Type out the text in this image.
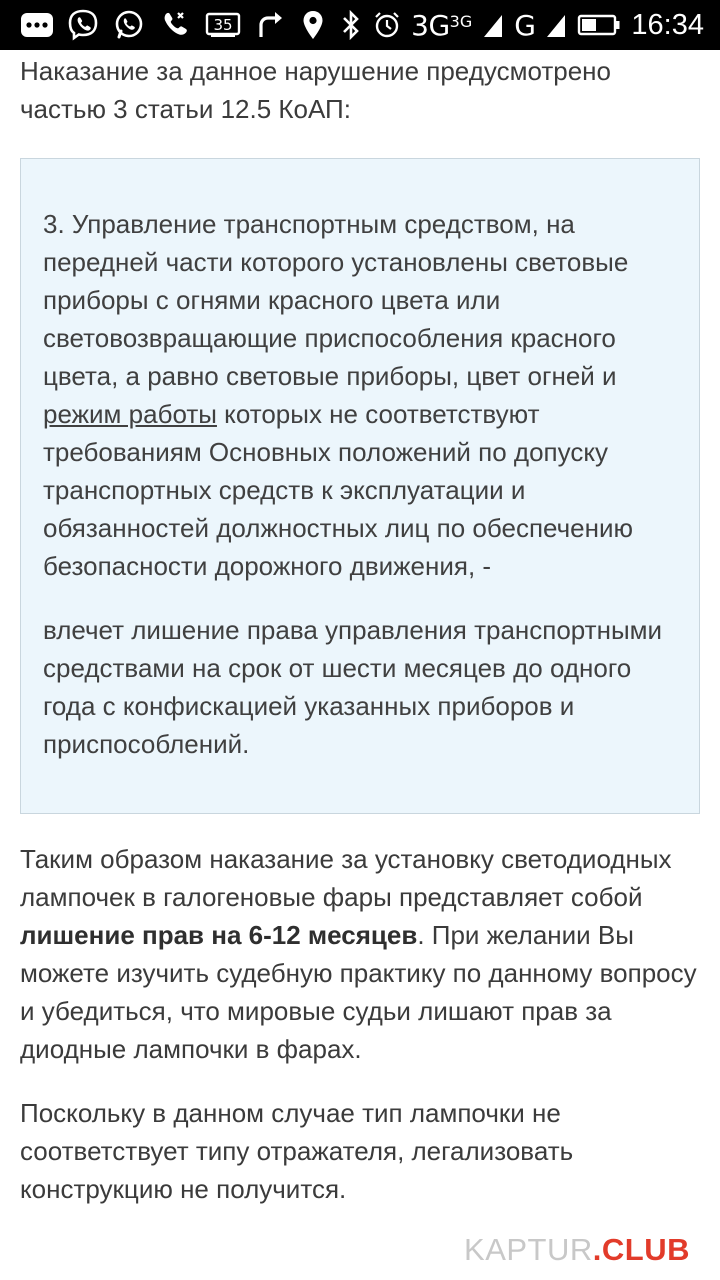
35	3G3G G	16:34

Наказание за данное нарушение предусмотрено частью 3 статьи 12.5 КоАП:

3. Управление транспортным средством, на передней части которого установлены световые приборы с огнями красного цвета или световозвращающие приспособления красного цвета, а равно световые приборы, цвет огней и режим работы которых не соответствуют требованиям Основных положений по допуску транспортных средств к эксплуатации и обязанностей должностных лиц по обеспечению безопасности дорожного движения, -

влечет лишение права управления транспортными средствами на срок от шести месяцев до одного года с конфискацией указанных приборов и приспособлений.

Таким образом наказание за установку светодиодных лампочек в галогеновые фары представляет собой лишение прав на 6-12 месяцев. При желании Вы можете изучить судебную практику по данному вопросу и убедиться, что мировые судьи лишают прав за диодные лампочки в фарах.

Поскольку в данном случае тип лампочки не соответствует типу отражателя, легализовать конструкцию не получится.

KAPTUR.CLUB
